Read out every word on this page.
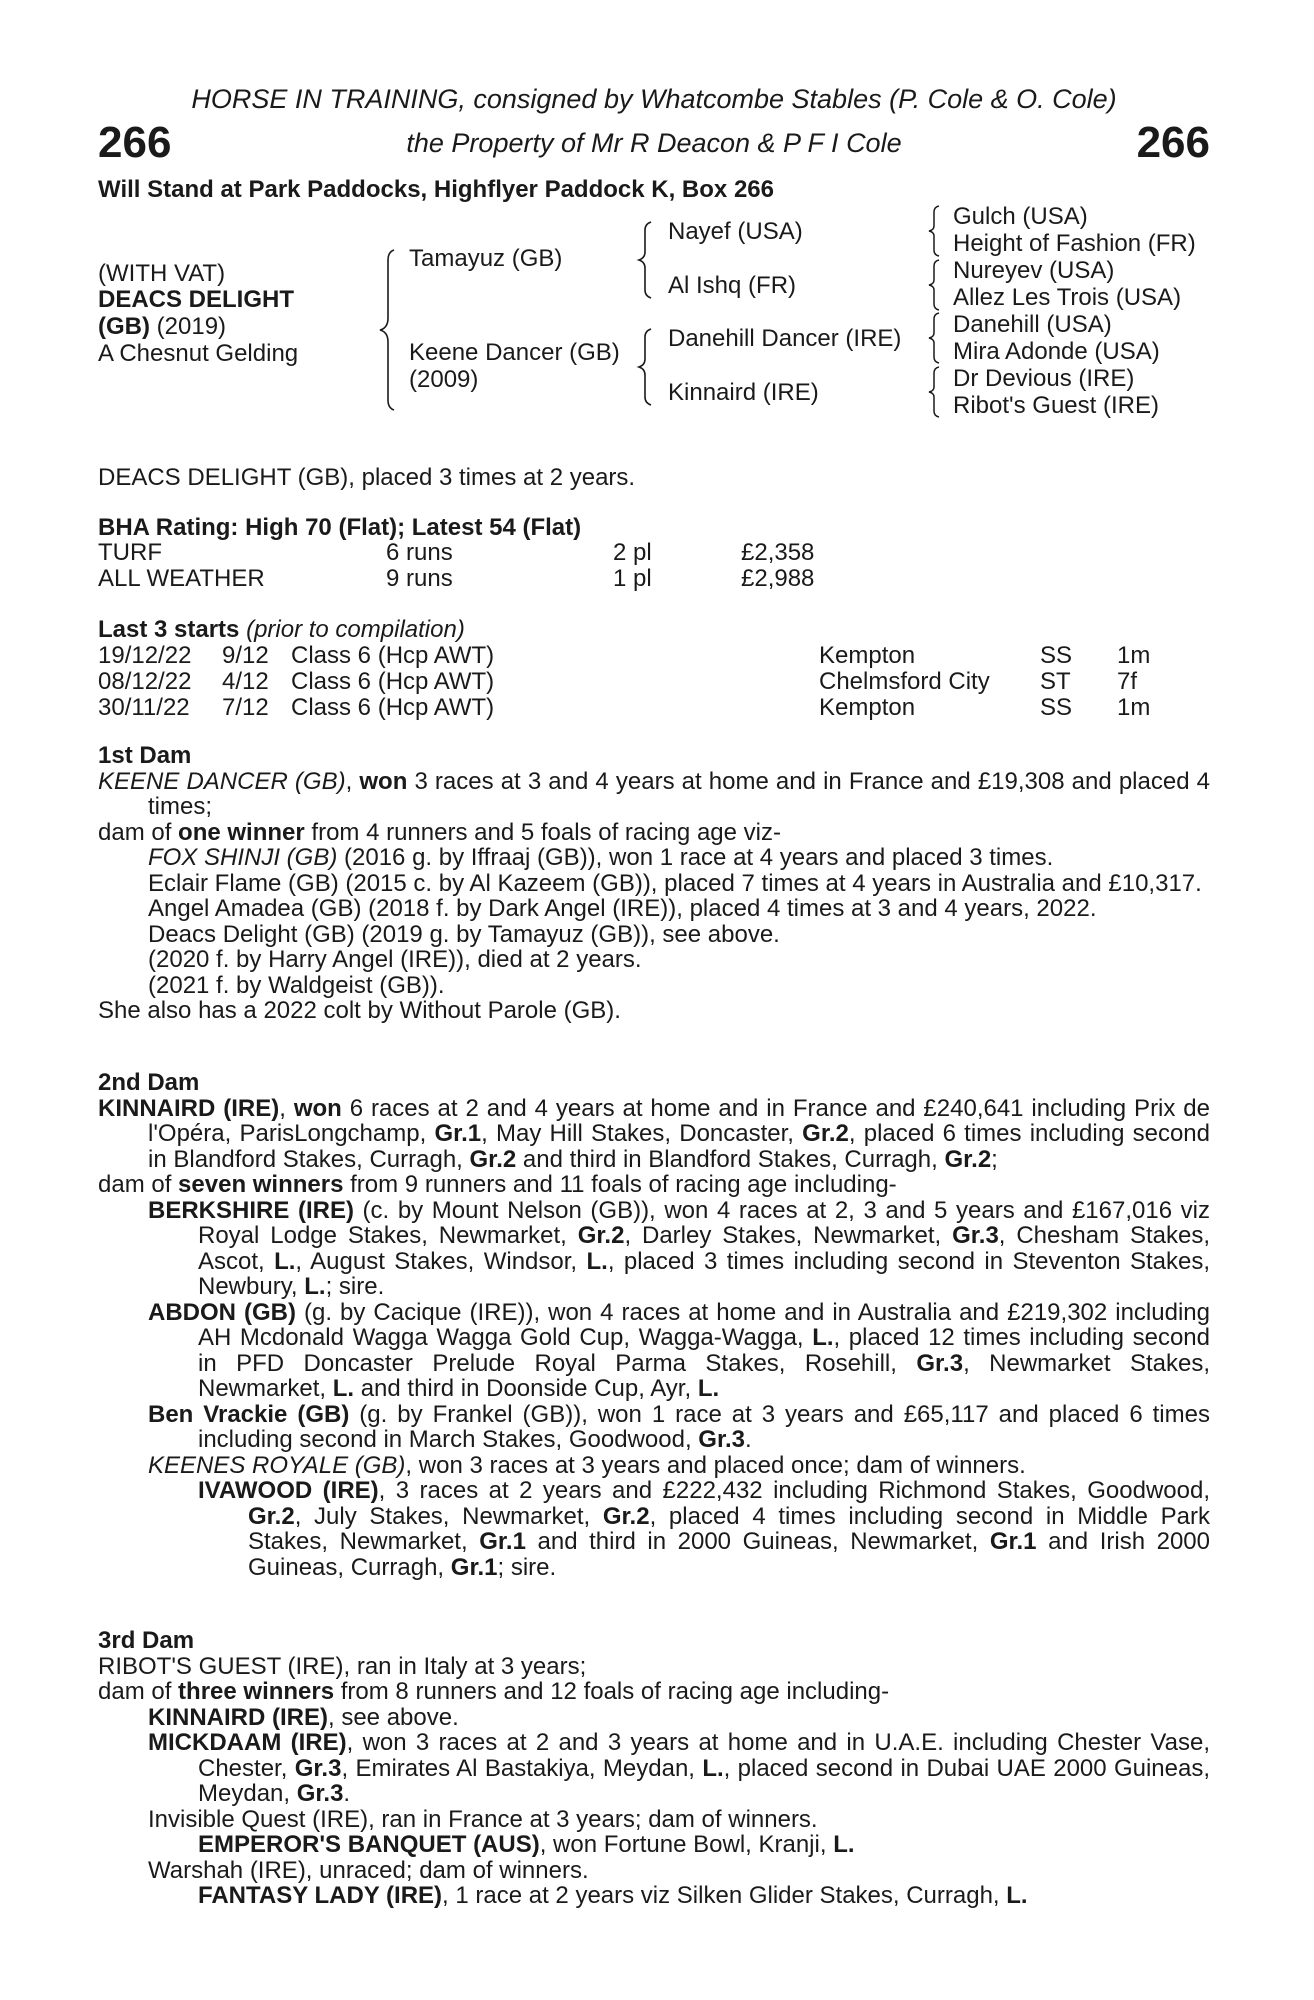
HORSE IN TRAINING, consigned by Whatcombe Stables (P. Cole & O. Cole)
266	the Property of Mr R Deacon & P F I Cole	266
Will Stand at Park Paddocks, Highflyer Paddock K, Box 266
(WITH VAT)
DEACS DELIGHT
(GB) (2019)
A Chesnut Gelding
Tamayuz (GB)
Keene Dancer (GB)
(2009)
Nayef (USA)
Al Ishq (FR)
Danehill Dancer (IRE)
Kinnaird (IRE)
Gulch (USA)
Height of Fashion (FR)
Nureyev (USA)
Allez Les Trois (USA)
Danehill (USA)
Mira Adonde (USA)
Dr Devious (IRE)
Ribot's Guest (IRE)
DEACS DELIGHT (GB), placed 3 times at 2 years.
BHA Rating: High 70 (Flat); Latest 54 (Flat)
TURF	6 runs	2 pl	£2,358
ALL WEATHER	9 runs	1 pl	£2,988
Last 3 starts (prior to compilation)
19/12/22 9/12 Class 6 (Hcp AWT)	Kempton	SS 1m
08/12/22 4/12 Class 6 (Hcp AWT)	Chelmsford City ST 7f
30/11/22 7/12 Class 6 (Hcp AWT)	Kempton	SS 1m

1st Dam

KEENE DANCER (GB), won 3 races at 3 and 4 years at home and in France and £19,308 and placed 4 times;

dam of one winner from 4 runners and 5 foals of racing age viz-

FOX SHINJI (GB) (2016 g. by Iffraaj (GB)), won 1 race at 4 years and placed 3 times.

Eclair Flame (GB) (2015 c. by Al Kazeem (GB)), placed 7 times at 4 years in Australia and £10,317.

Angel Amadea (GB) (2018 f. by Dark Angel (IRE)), placed 4 times at 3 and 4 years, 2022.

Deacs Delight (GB) (2019 g. by Tamayuz (GB)), see above.

(2020 f. by Harry Angel (IRE)), died at 2 years.

(2021 f. by Waldgeist (GB)).

She also has a 2022 colt by Without Parole (GB).

2nd Dam

KINNAIRD (IRE), won 6 races at 2 and 4 years at home and in France and £240,641 including Prix de l'Opéra, ParisLongchamp, Gr.1, May Hill Stakes, Doncaster, Gr.2, placed 6 times including second in Blandford Stakes, Curragh, Gr.2 and third in Blandford Stakes, Curragh, Gr.2;

dam of seven winners from 9 runners and 11 foals of racing age including-

BERKSHIRE (IRE) (c. by Mount Nelson (GB)), won 4 races at 2, 3 and 5 years and £167,016 viz Royal Lodge Stakes, Newmarket, Gr.2, Darley Stakes, Newmarket, Gr.3, Chesham Stakes, Ascot, L., August Stakes, Windsor, L., placed 3 times including second in Steventon Stakes, Newbury, L.; sire.

ABDON (GB) (g. by Cacique (IRE)), won 4 races at home and in Australia and £219,302 including AH Mcdonald Wagga Wagga Gold Cup, Wagga-Wagga, L., placed 12 times including second in PFD Doncaster Prelude Royal Parma Stakes, Rosehill, Gr.3, Newmarket Stakes, Newmarket, L. and third in Doonside Cup, Ayr, L.

Ben Vrackie (GB) (g. by Frankel (GB)), won 1 race at 3 years and £65,117 and placed 6 times including second in March Stakes, Goodwood, Gr.3.

KEENES ROYALE (GB), won 3 races at 3 years and placed once; dam of winners.

IVAWOOD (IRE), 3 races at 2 years and £222,432 including Richmond Stakes, Goodwood, Gr.2, July Stakes, Newmarket, Gr.2, placed 4 times including second in Middle Park Stakes, Newmarket, Gr.1 and third in 2000 Guineas, Newmarket, Gr.1 and Irish 2000 Guineas, Curragh, Gr.1; sire.

3rd Dam

RIBOT'S GUEST (IRE), ran in Italy at 3 years;

dam of three winners from 8 runners and 12 foals of racing age including-

KINNAIRD (IRE), see above.

MICKDAAM (IRE), won 3 races at 2 and 3 years at home and in U.A.E. including Chester Vase, Chester, Gr.3, Emirates Al Bastakiya, Meydan, L., placed second in Dubai UAE 2000 Guineas, Meydan, Gr.3.

Invisible Quest (IRE), ran in France at 3 years; dam of winners.

EMPEROR'S BANQUET (AUS), won Fortune Bowl, Kranji, L.

Warshah (IRE), unraced; dam of winners.

FANTASY LADY (IRE), 1 race at 2 years viz Silken Glider Stakes, Curragh, L.
